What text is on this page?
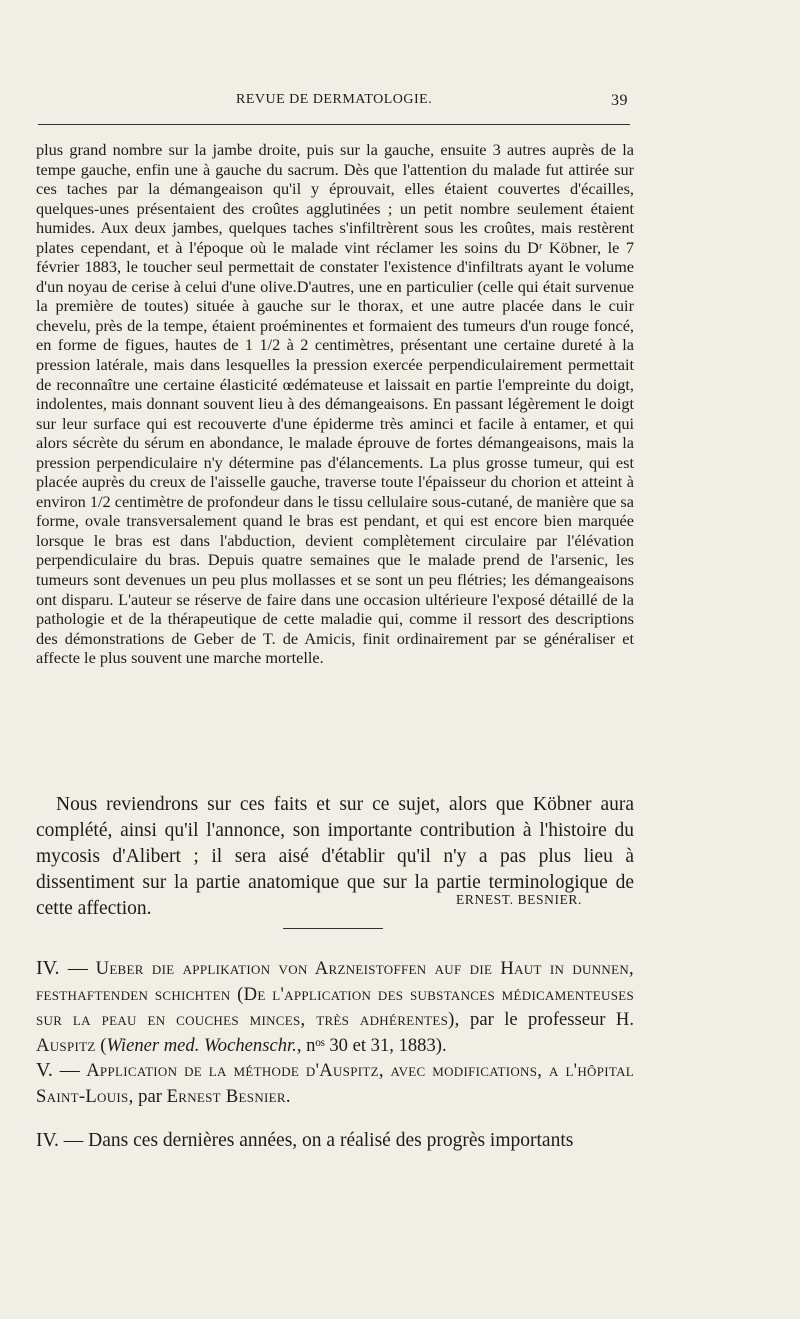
REVUE DE DERMATOLOGIE.	39

plus grand nombre sur la jambe droite, puis sur la gauche, ensuite 3 autres auprès de la tempe gauche, enfin une à gauche du sacrum. Dès que l'attention du malade fut attirée sur ces taches par la démangeaison qu'il y éprouvait, elles étaient couvertes d'écailles, quelques-unes présentaient des croûtes agglutinées ; un petit nombre seulement étaient humides. Aux deux jambes, quelques taches s'infiltrèrent sous les croûtes, mais restèrent plates cependant, et à l'époque où le malade vint réclamer les soins du Dʳ Köbner, le 7 février 1883, le toucher seul permettait de constater l'existence d'infiltrats ayant le volume d'un noyau de cerise à celui d'une olive.D'autres, une en particulier (celle qui était survenue la première de toutes) située à gauche sur le thorax, et une autre placée dans le cuir chevelu, près de la tempe, étaient proéminentes et formaient des tumeurs d'un rouge foncé, en forme de figues, hautes de 1 1/2 à 2 centimètres, présentant une certaine dureté à la pression latérale, mais dans lesquelles la pression exercée perpendiculairement permettait de reconnaître une certaine élasticité œdémateuse et laissait en partie l'empreinte du doigt, indolentes, mais donnant souvent lieu à des démangeaisons. En passant légèrement le doigt sur leur surface qui est recouverte d'une épiderme très aminci et facile à entamer, et qui alors sécrète du sérum en abondance, le malade éprouve de fortes démangeaisons, mais la pression perpendiculaire n'y détermine pas d'élancements. La plus grosse tumeur, qui est placée auprès du creux de l'aisselle gauche, traverse toute l'épaisseur du chorion et atteint à environ 1/2 centimètre de profondeur dans le tissu cellulaire sous-cutané, de manière que sa forme, ovale transversalement quand le bras est pendant, et qui est encore bien marquée lorsque le bras est dans l'abduction, devient complètement circulaire par l'élévation perpendiculaire du bras. Depuis quatre semaines que le malade prend de l'arsenic, les tumeurs sont devenues un peu plus mollasses et se sont un peu flétries; les démangeaisons ont disparu. L'auteur se réserve de faire dans une occasion ultérieure l'exposé détaillé de la pathologie et de la thérapeutique de cette maladie qui, comme il ressort des descriptions des démonstrations de Geber de T. de Amicis, finit ordinairement par se généraliser et affecte le plus souvent une marche mortelle.

Nous reviendrons sur ces faits et sur ce sujet, alors que Köbner aura complété, ainsi qu'il l'annonce, son importante contribution à l'histoire du mycosis d'Alibert ; il sera aisé d'établir qu'il n'y a pas plus lieu à dissentiment sur la partie anatomique que sur la partie terminologique de cette affection.	ERNEST. BESNIER.
IV. — Ueber die applikation von Arzneistoffen auf die Haut in dunnen, festhaftenden schichten (De l'application des substances médicamenteuses sur la peau en couches minces, très adhérentes), par le professeur H. Auspitz (Wiener med. Wochenschr., nᵒˢ 30 et 31, 1883).
V. — Application de la méthode d'Auspitz, avec modifications, a l'hôpital Saint-Louis, par Ernest Besnier.
IV. — Dans ces dernières années, on a réalisé des progrès importants
